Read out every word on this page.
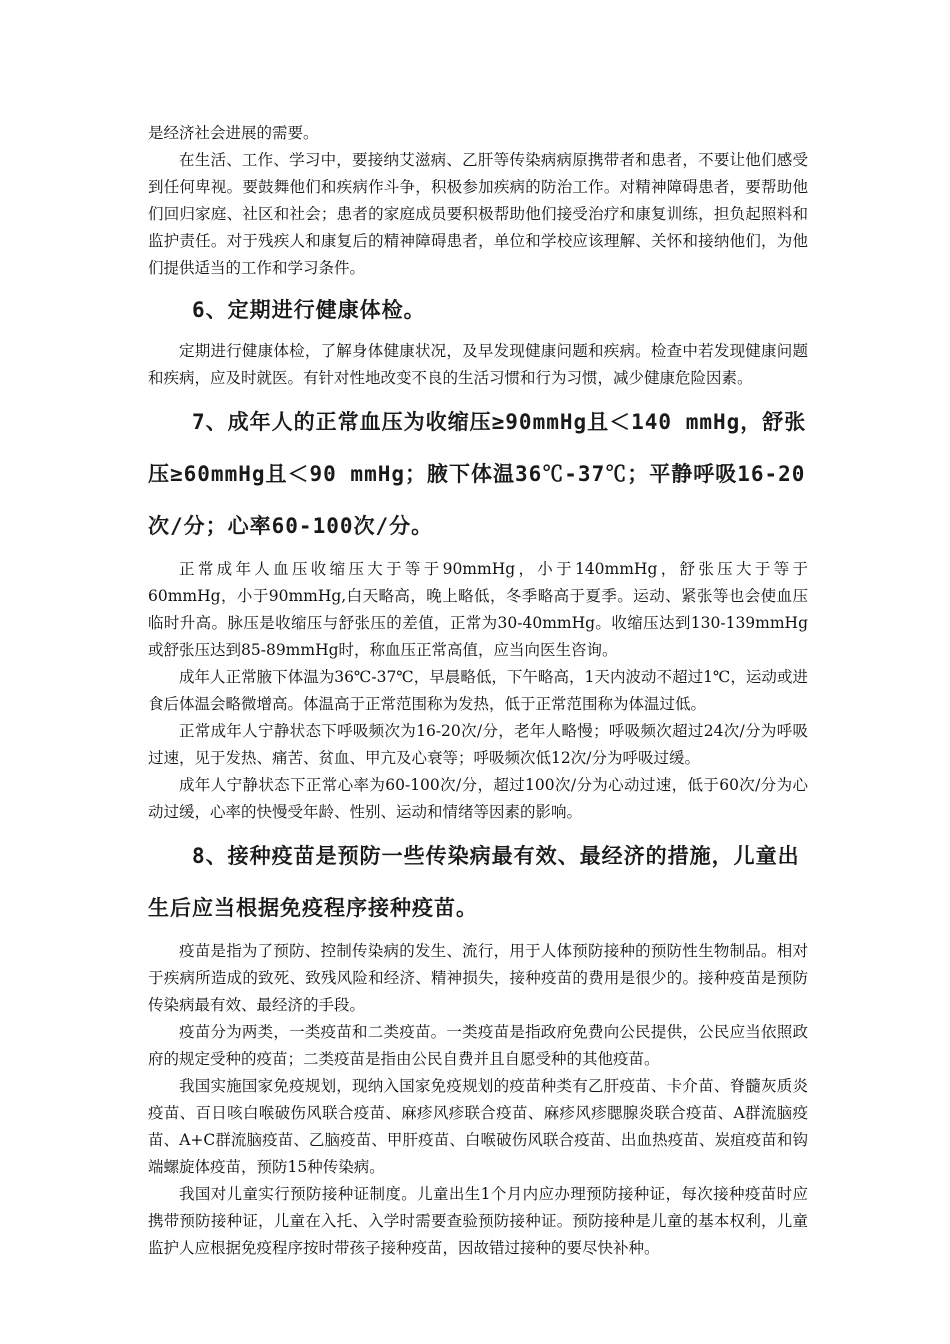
是经济社会进展的需要。

在生活、工作、学习中，要接纳艾滋病、乙肝等传染病病原携带者和患者，不要让他们感受到任何卑视。要鼓舞他们和疾病作斗争，积极参加疾病的防治工作。对精神障碍患者，要帮助他们回归家庭、社区和社会；患者的家庭成员要积极帮助他们接受治疗和康复训练，担负起照料和监护责任。对于残疾人和康复后的精神障碍患者，单位和学校应该理解、关怀和接纳他们，为他们提供适当的工作和学习条件。

6、定期进行健康体检。

定期进行健康体检，了解身体健康状况，及早发现健康问题和疾病。检查中若发现健康问题和疾病，应及时就医。有针对性地改变不良的生活习惯和行为习惯，减少健康危险因素。

7、成年人的正常血压为收缩压≥90mmHg且＜140 mmHg，舒张压≥60mmHg且＜90 mmHg；腋下体温36℃-37℃；平静呼吸16-20次/分；心率60-100次/分。

正常成年人血压收缩压大于等于90mmHg，小于140mmHg，舒张压大于等于60mmHg，小于90mmHg,白天略高，晚上略低，冬季略高于夏季。运动、紧张等也会使血压临时升高。脉压是收缩压与舒张压的差值，正常为30-40mmHg。收缩压达到130-139mmHg或舒张压达到85-89mmHg时，称血压正常高值，应当向医生咨询。

成年人正常腋下体温为36℃-37℃，早晨略低，下午略高，1天内波动不超过1℃，运动或进食后体温会略微增高。体温高于正常范围称为发热，低于正常范围称为体温过低。

正常成年人宁静状态下呼吸频次为16-20次/分，老年人略慢；呼吸频次超过24次/分为呼吸过速，见于发热、痛苦、贫血、甲亢及心衰等；呼吸频次低12次/分为呼吸过缓。

成年人宁静状态下正常心率为60-100次/分，超过100次/分为心动过速，低于60次/分为心动过缓，心率的快慢受年龄、性别、运动和情绪等因素的影响。

8、接种疫苗是预防一些传染病最有效、最经济的措施，儿童出生后应当根据免疫程序接种疫苗。

疫苗是指为了预防、控制传染病的发生、流行，用于人体预防接种的预防性生物制品。相对于疾病所造成的致死、致残风险和经济、精神损失，接种疫苗的费用是很少的。接种疫苗是预防传染病最有效、最经济的手段。

疫苗分为两类，一类疫苗和二类疫苗。一类疫苗是指政府免费向公民提供，公民应当依照政府的规定受种的疫苗；二类疫苗是指由公民自费并且自愿受种的其他疫苗。

我国实施国家免疫规划，现纳入国家免疫规划的疫苗种类有乙肝疫苗、卡介苗、脊髓灰质炎疫苗、百日咳白喉破伤风联合疫苗、麻疹风疹联合疫苗、麻疹风疹腮腺炎联合疫苗、A群流脑疫苗、A+C群流脑疫苗、乙脑疫苗、甲肝疫苗、白喉破伤风联合疫苗、出血热疫苗、炭疽疫苗和钩端螺旋体疫苗，预防15种传染病。

我国对儿童实行预防接种证制度。儿童出生1个月内应办理预防接种证，每次接种疫苗时应携带预防接种证，儿童在入托、入学时需要查验预防接种证。预防接种是儿童的基本权利，儿童监护人应根据免疫程序按时带孩子接种疫苗，因故错过接种的要尽快补种。
